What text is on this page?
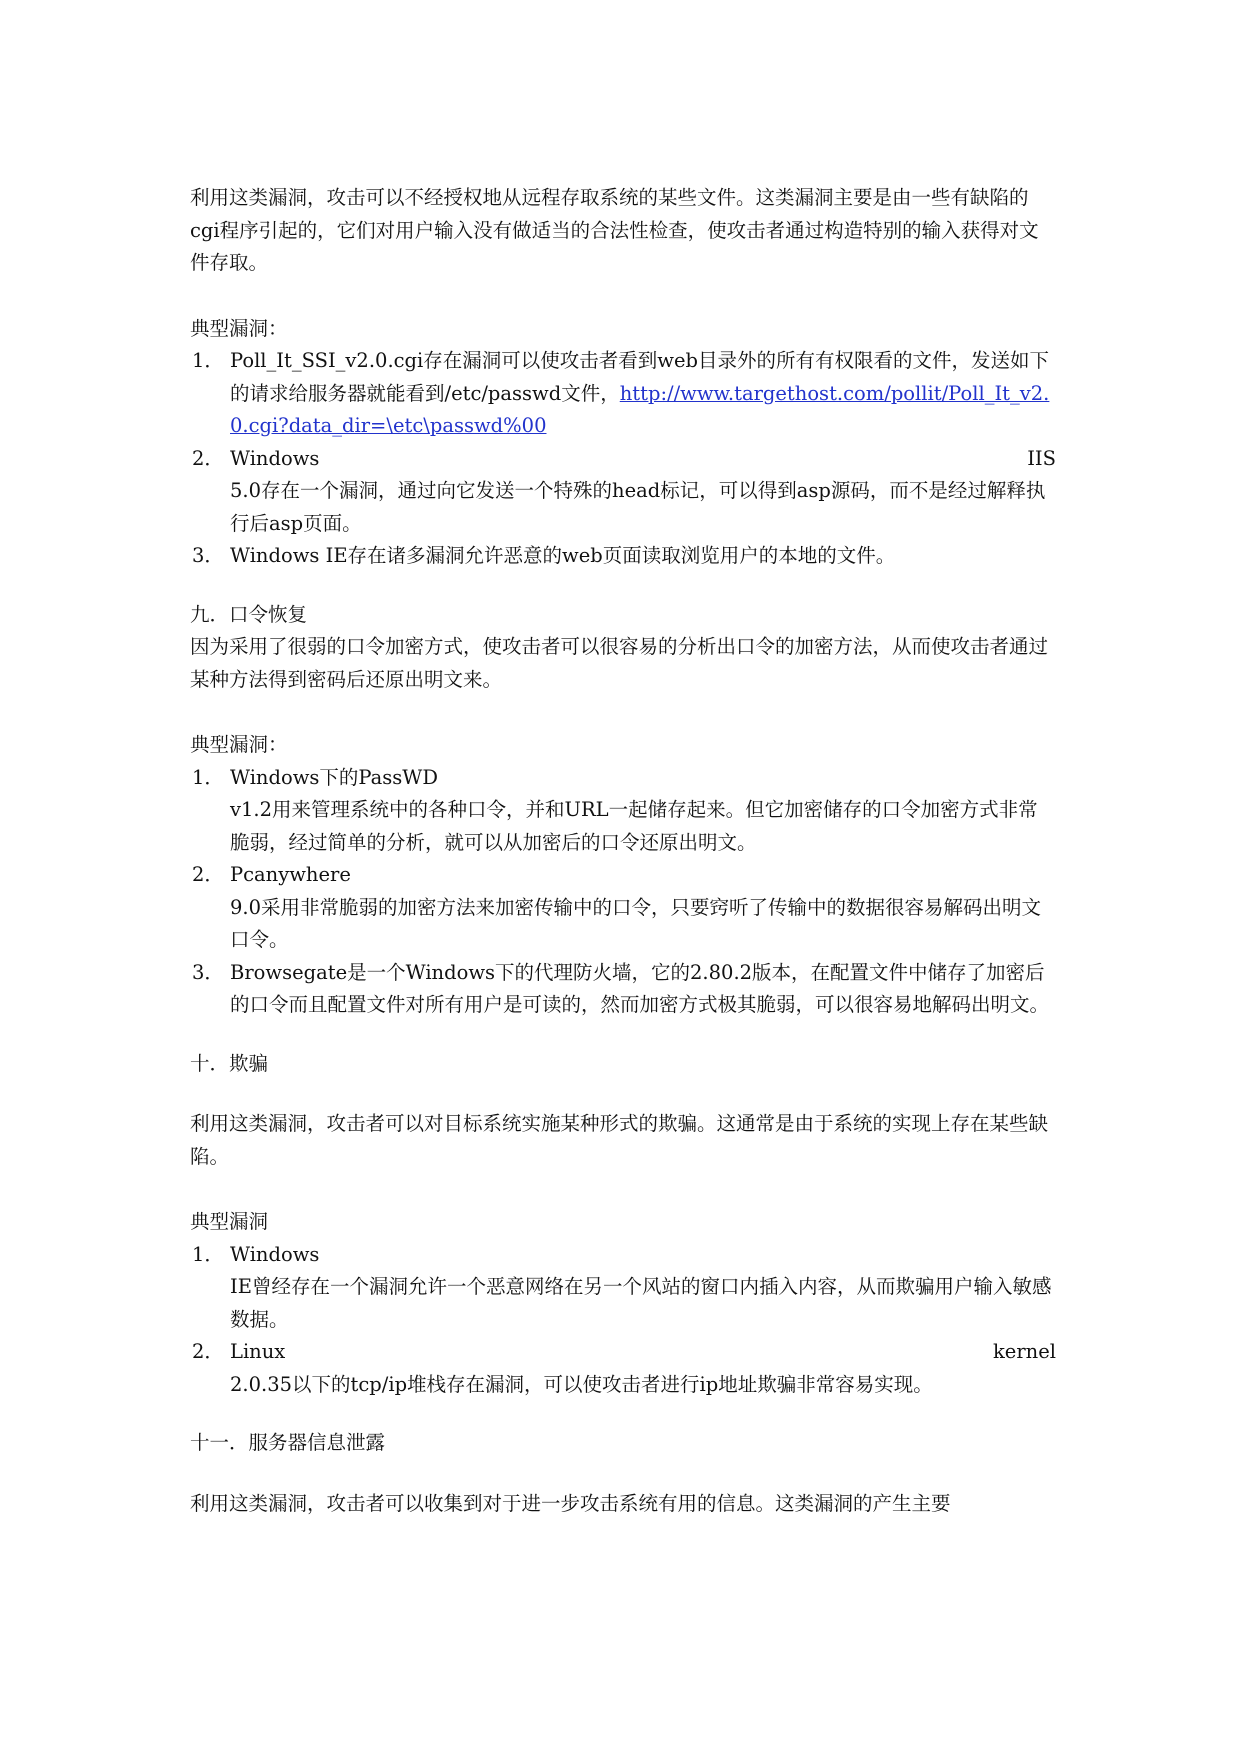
利用这类漏洞，攻击可以不经授权地从远程存取系统的某些文件。这类漏洞主要是由一些有缺陷的cgi程序引起的，它们对用户输入没有做适当的合法性检查，使攻击者通过构造特别的输入获得对文件存取。

典型漏洞：

1． Poll_It_SSI_v2.0.cgi存在漏洞可以使攻击者看到web目录外的所有有权限看的文件，发送如下的请求给服务器就能看到/etc/passwd文件，http://www.targethost.com/pollit/Poll_It_v2.0.cgi?data_dir=\etc\passwd%00
2． Windows	IIS
5.0存在一个漏洞，通过向它发送一个特殊的head标记，可以得到asp源码，而不是经过解释执行后asp页面。
3． Windows IE存在诸多漏洞允许恶意的web页面读取浏览用户的本地的文件。

九．口令恢复

因为采用了很弱的口令加密方式，使攻击者可以很容易的分析出口令的加密方法，从而使攻击者通过某种方法得到密码后还原出明文来。

典型漏洞：

1． Windows下的PassWD
v1.2用来管理系统中的各种口令，并和URL一起储存起来。但它加密储存的口令加密方式非常脆弱，经过简单的分析，就可以从加密后的口令还原出明文。
2． Pcanywhere
9.0采用非常脆弱的加密方法来加密传输中的口令，只要窍听了传输中的数据很容易解码出明文口令。
3． Browsegate是一个Windows下的代理防火墙，它的2.80.2版本，在配置文件中储存了加密后的口令而且配置文件对所有用户是可读的，然而加密方式极其脆弱，可以很容易地解码出明文。

十．欺骗

利用这类漏洞，攻击者可以对目标系统实施某种形式的欺骗。这通常是由于系统的实现上存在某些缺陷。

典型漏洞

1． Windows
IE曾经存在一个漏洞允许一个恶意网络在另一个风站的窗口内插入内容，从而欺骗用户输入敏感数据。
2． Linux	kernel
2.0.35以下的tcp/ip堆栈存在漏洞，可以使攻击者进行ip地址欺骗非常容易实现。

十一．服务器信息泄露

利用这类漏洞，攻击者可以收集到对于进一步攻击系统有用的信息。这类漏洞的产生主要
